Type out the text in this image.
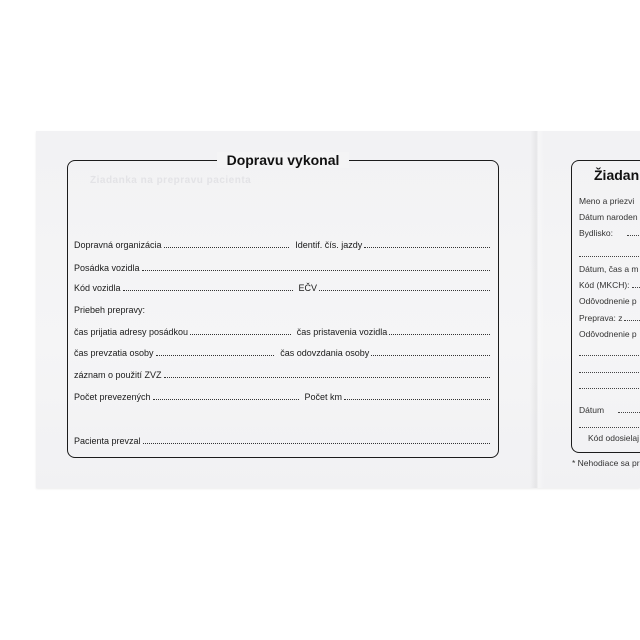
Žiadanka na prepravu pacienta
Dopravu vykonal
Dopravná organizácia	Identif. čís. jazdy
Posádka vozidla
Kód vozidla	EČV
Priebeh prepravy:
čas prijatia adresy posádkou	čas pristavenia vozidla
čas prevzatia osoby	čas odovzdania osoby
záznam o použití ZVZ
Počet prevezených	Počet km
Pacienta prevzal
Žiadan
Meno a priezvi
Dátum naroden
Bydlisko:
Dátum, čas a m
Kód (MKCH):
Odôvodnenie p
Preprava: z
Odôvodnenie p
Dátum
Kód odosielaj
* Nehodiace sa pr
